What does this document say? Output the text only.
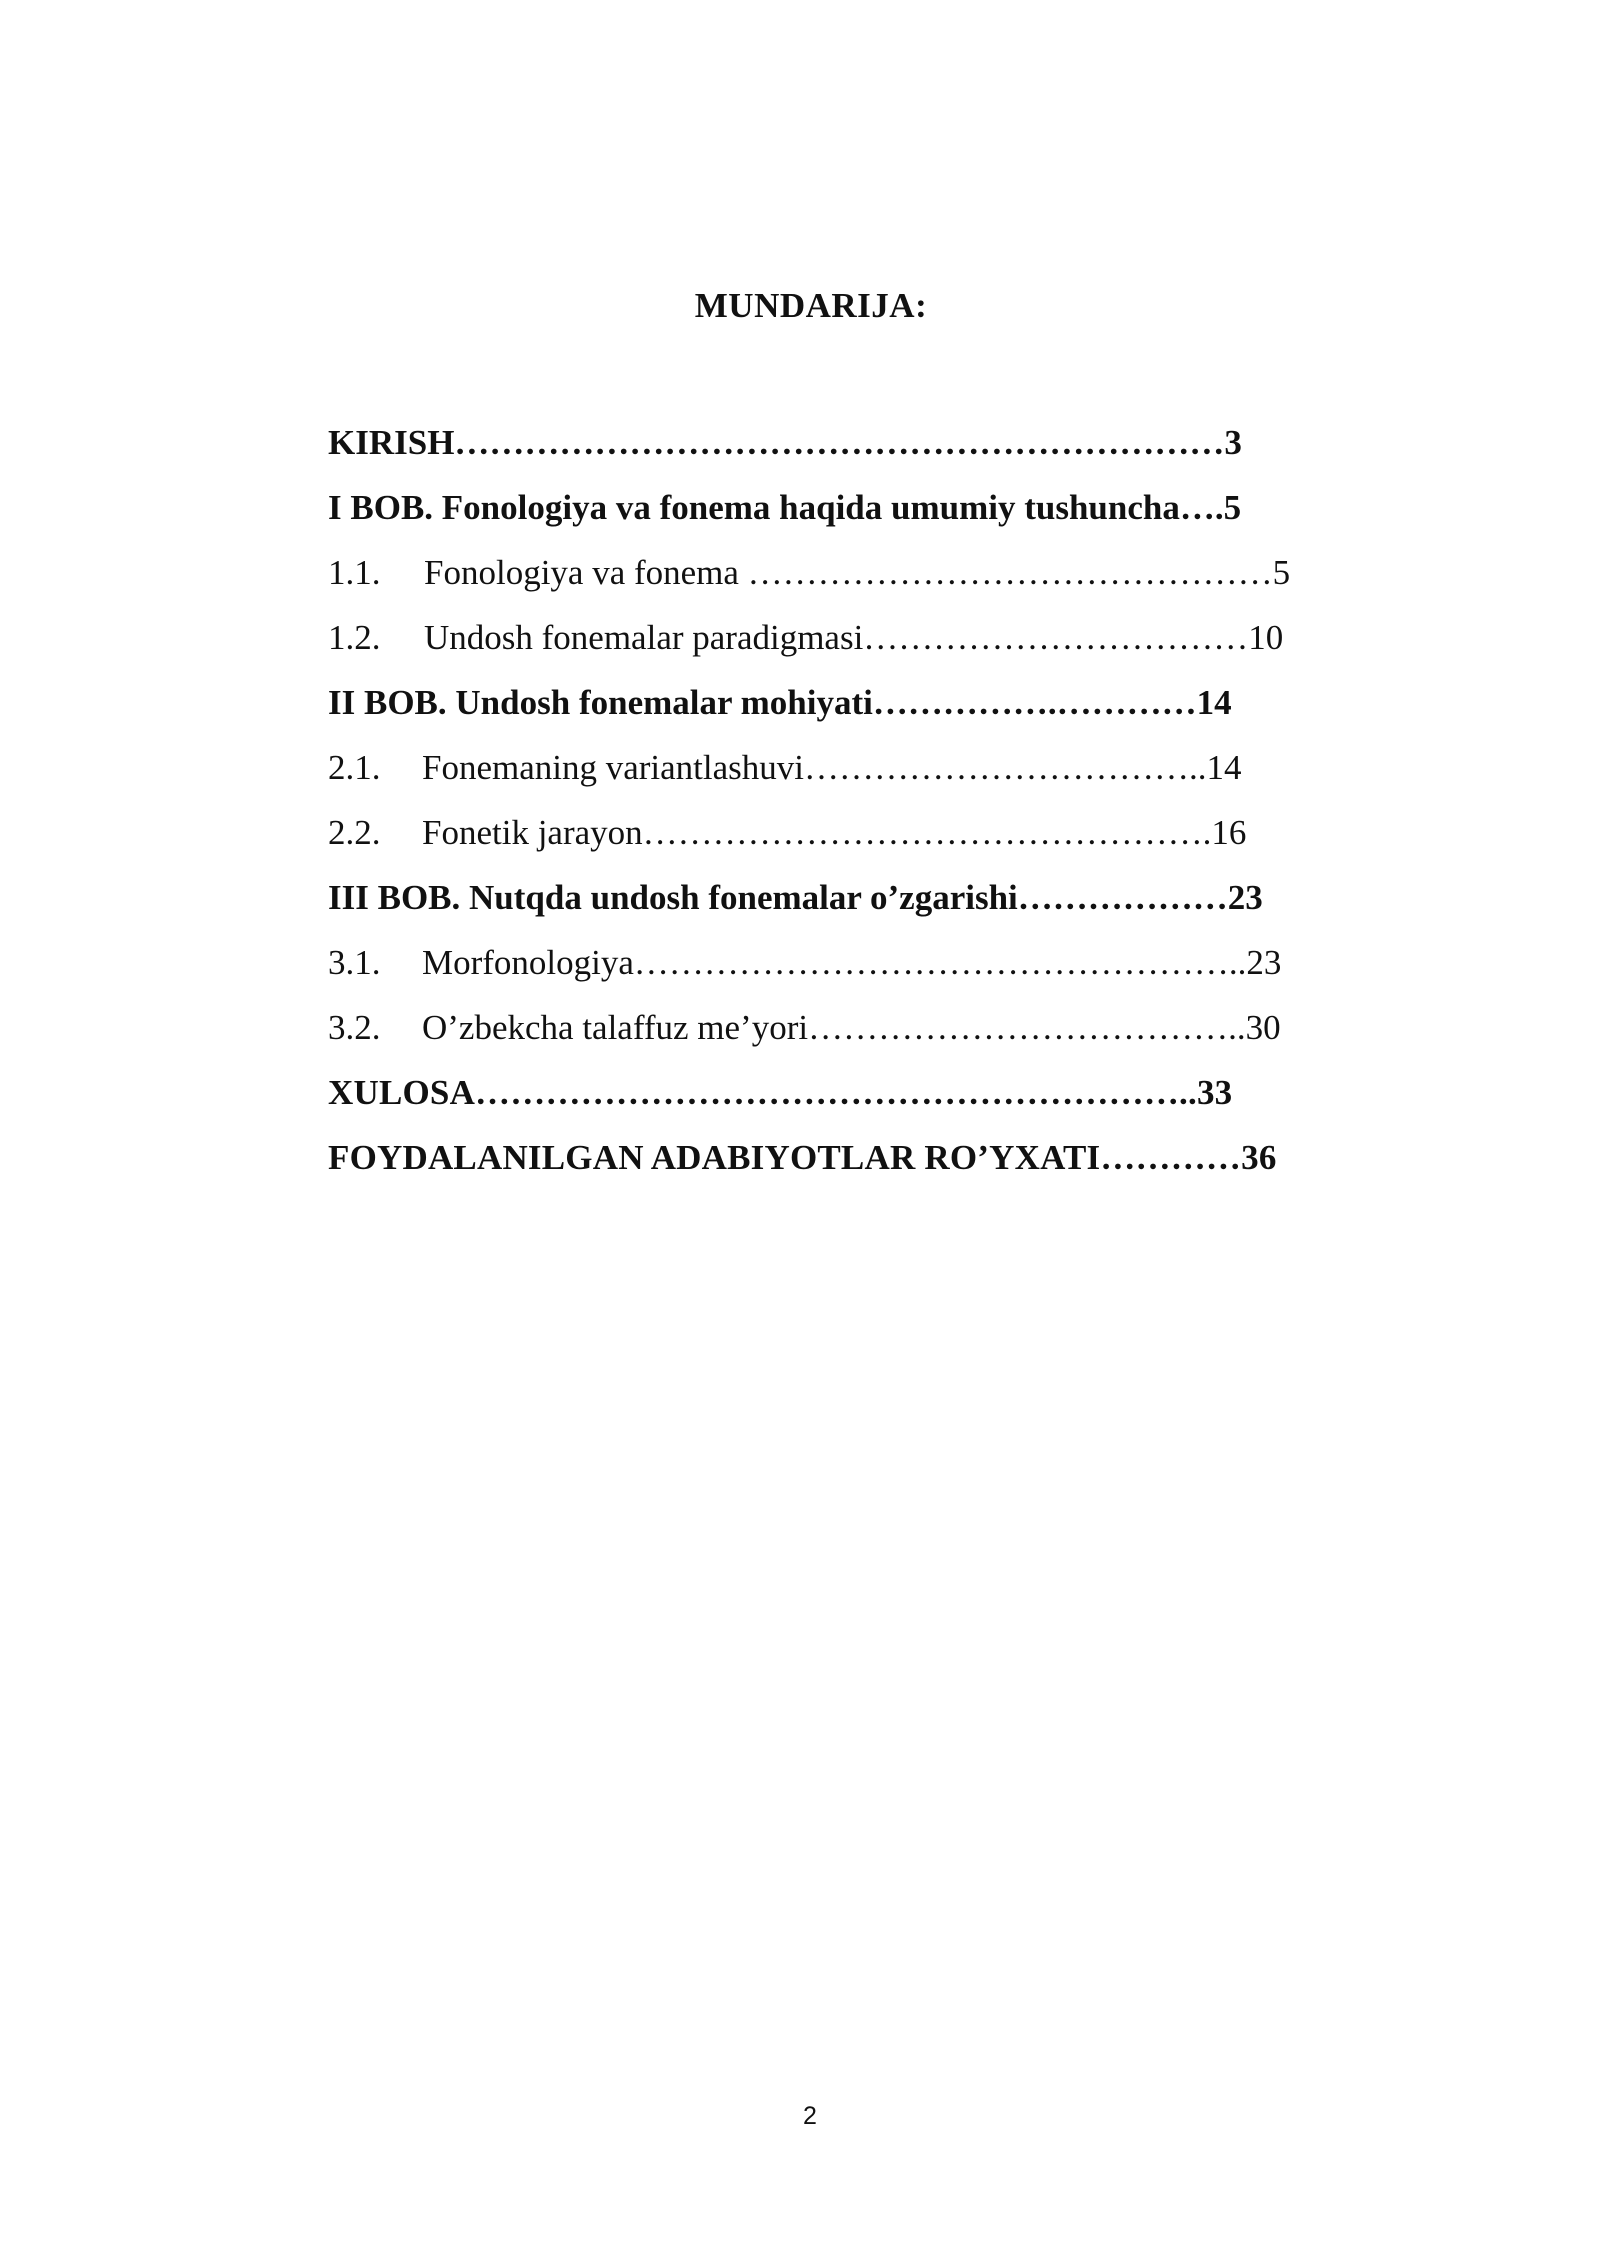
MUNDARIJA:
KIRISH…………………………………………………………3
I BOB. Fonologiya va fonema haqida umumiy tushuncha….5
1.1. Fonologiya va fonema ………………………………………5
1.2. Undosh fonemalar paradigmasi……………………………10
II BOB. Undosh fonemalar mohiyati…………….…………14
2.1. Fonemaning variantlashuvi……………………………..14
2.2. Fonetik jarayon………………………………………….16
III BOB. Nutqda undosh fonemalar o’zgarishi………………23
3.1. Morfonologiya……………………………………………..23
3.2. O’zbekcha talaffuz me’yori………………………………..30
XULOSA……………………………………………………..33
FOYDALANILGAN ADABIYOTLAR RO’YXATI…………36
2
